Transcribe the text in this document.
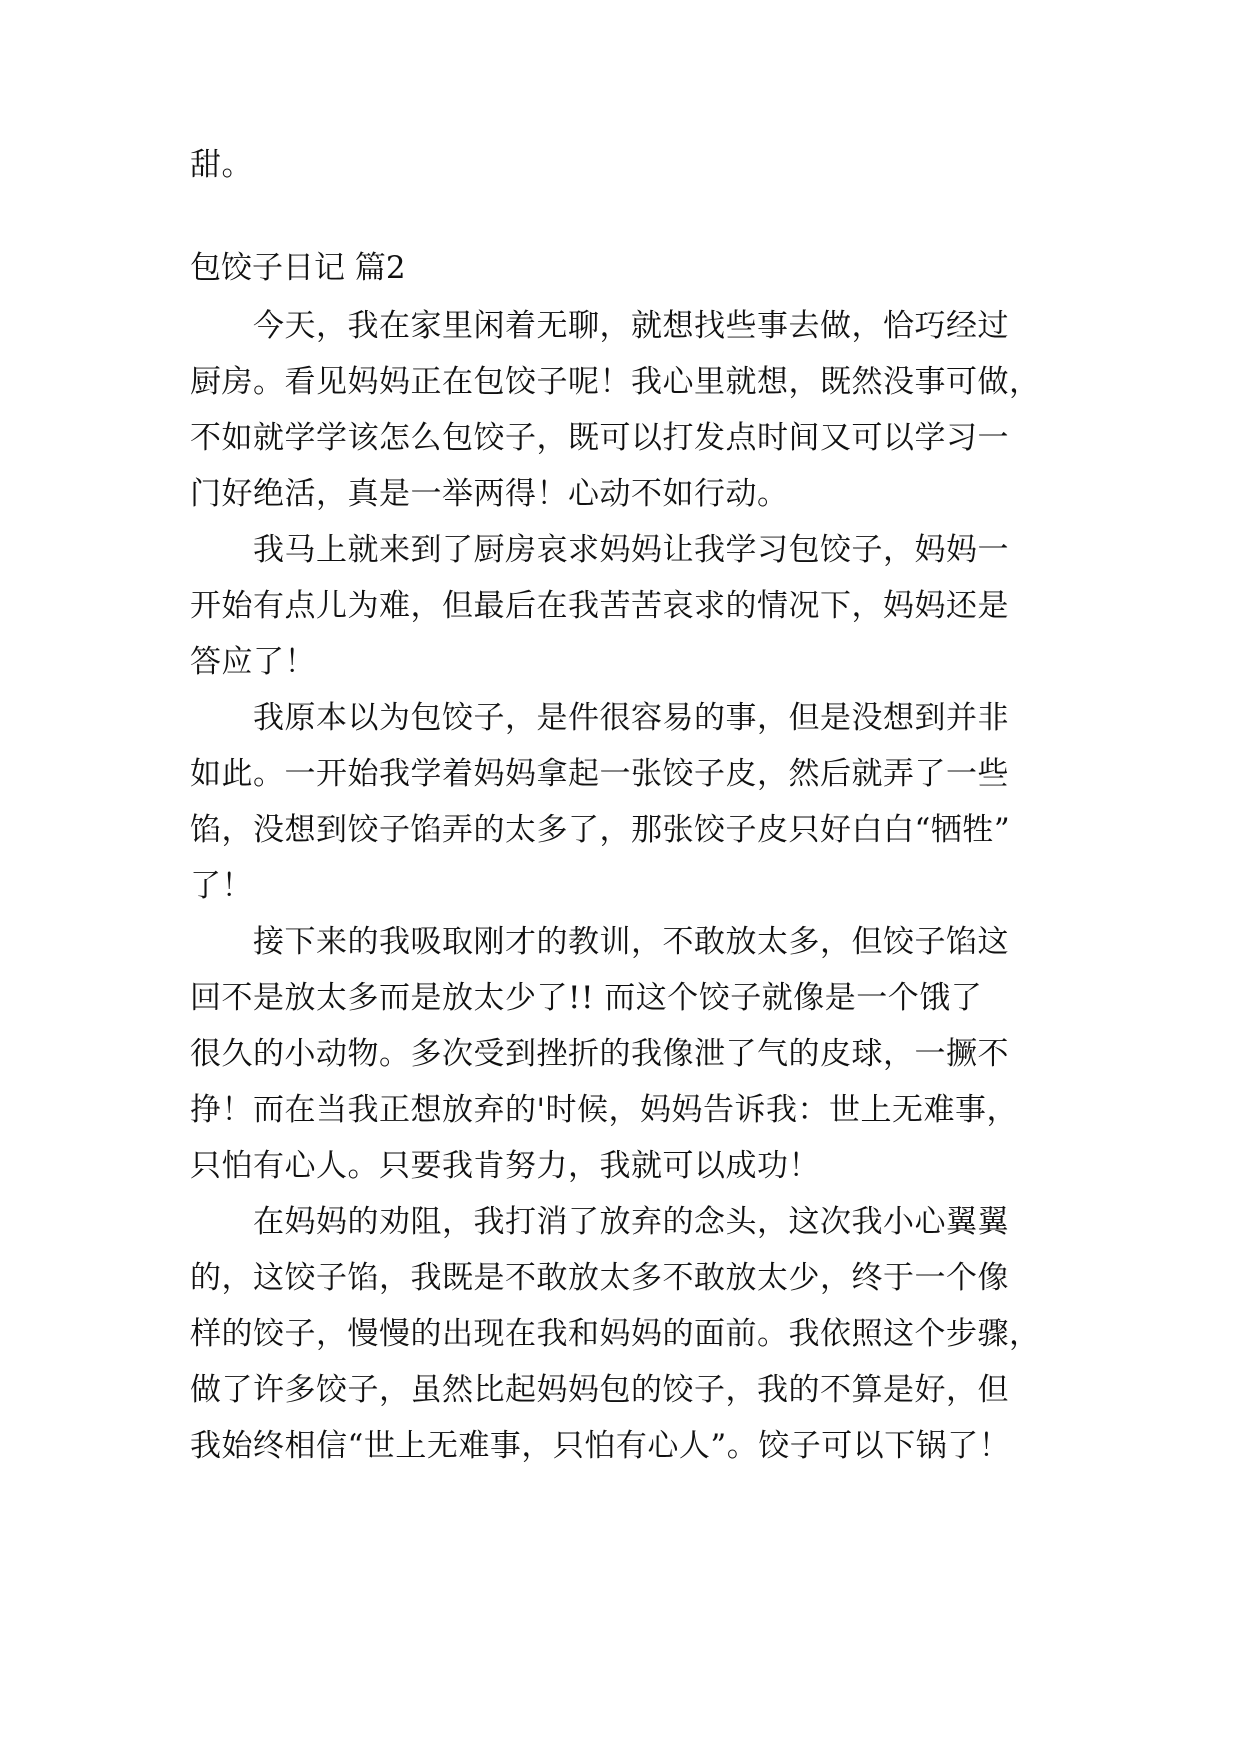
甜。
包饺子日记 篇2
　　今天，我在家里闲着无聊，就想找些事去做，恰巧经过
厨房。看见妈妈正在包饺子呢！我心里就想，既然没事可做，
不如就学学该怎么包饺子，既可以打发点时间又可以学习一
门好绝活，真是一举两得！心动不如行动。
　　我马上就来到了厨房哀求妈妈让我学习包饺子，妈妈一
开始有点儿为难，但最后在我苦苦哀求的情况下，妈妈还是
答应了！
　　我原本以为包饺子，是件很容易的事，但是没想到并非
如此。一开始我学着妈妈拿起一张饺子皮，然后就弄了一些
馅，没想到饺子馅弄的太多了，那张饺子皮只好白白“牺牲”
了！
　　接下来的我吸取刚才的教训，不敢放太多，但饺子馅这
回不是放太多而是放太少了!! 而这个饺子就像是一个饿了
很久的小动物。多次受到挫折的我像泄了气的皮球，一撅不
挣！而在当我正想放弃的'时候，妈妈告诉我：世上无难事，
只怕有心人。只要我肯努力，我就可以成功！
　　在妈妈的劝阻，我打消了放弃的念头，这次我小心翼翼
的，这饺子馅，我既是不敢放太多不敢放太少，终于一个像
样的饺子，慢慢的出现在我和妈妈的面前。我依照这个步骤，
做了许多饺子，虽然比起妈妈包的饺子，我的不算是好，但
我始终相信“世上无难事，只怕有心人”。饺子可以下锅了！
